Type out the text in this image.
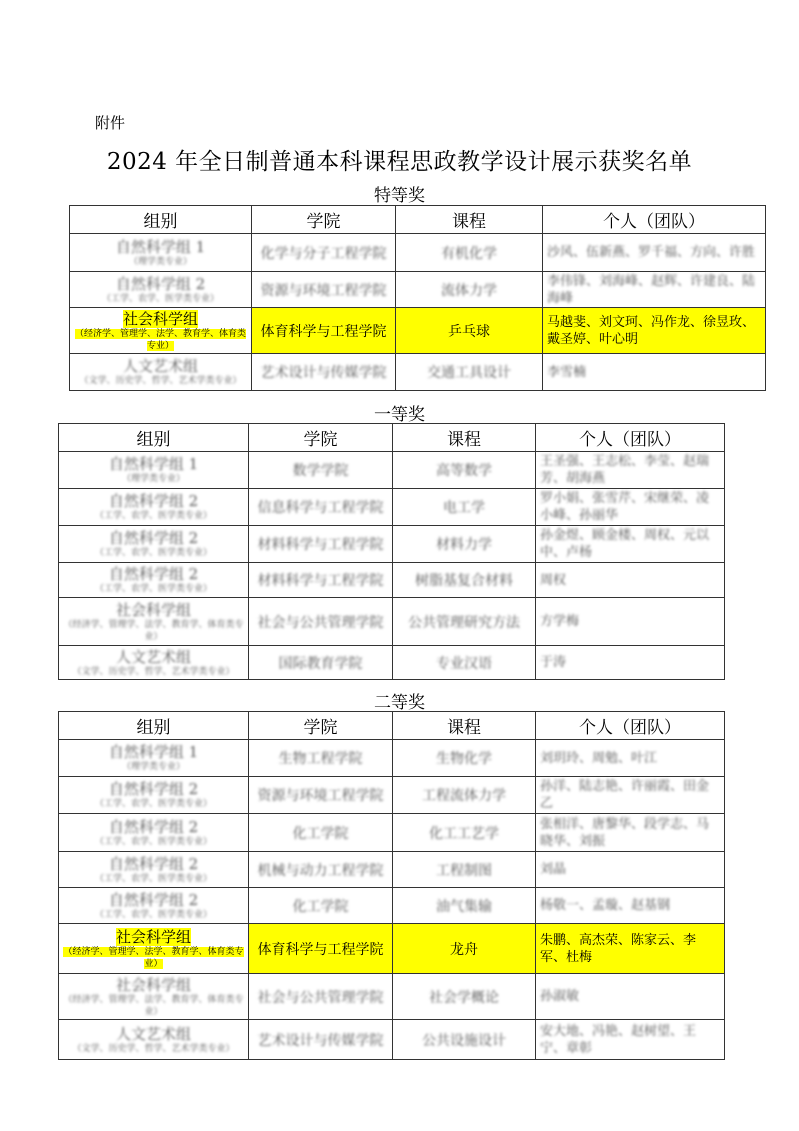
附件
2024 年全日制普通本科课程思政教学设计展示获奖名单
特等奖
组别	学院	课程	个人（团队）

自然科学组 1
（理学类专业）	化学与分子工程学院	有机化学	沙风、伍新燕、罗千福、方向、许胜

自然科学组 2
（工学、农学、医学类专业）	资源与环境工程学院	流体力学	李伟锋、刘海峰、赵辉、许建良、陆海峰

社会科学组
（经济学、管理学、法学、教育学、体育类专业）	体育科学与工程学院	乒乓球	马越斐、刘文珂、冯作龙、徐昱玫、戴圣婷、叶心明

人文艺术组
（文学、历史学、哲学、艺术学类专业）	艺术设计与传媒学院	交通工具设计	李雪楠
一等奖
组别	学院	课程	个人（团队）

自然科学组 1
（理学类专业）	数学学院	高等数学	王圣强、王志松、李莹、赵瑞芳、胡海燕

自然科学组 2
（工学、农学、医学类专业）	信息科学与工程学院	电工学	罗小娟、张雪芹、宋继荣、凌小峰、孙丽华

自然科学组 2
（工学、农学、医学类专业）	材料科学与工程学院	材料力学	孙金煜、顾金楼、周权、元以中、卢杨

自然科学组 2
（工学、农学、医学类专业）	材料科学与工程学院	树脂基复合材料	周权

社会科学组
（经济学、管理学、法学、教育学、体育类专业）	社会与公共管理学院	公共管理研究方法	方学梅

人文艺术组
（文学、历史学、哲学、艺术学类专业）	国际教育学院	专业汉语	于涛
二等奖
组别	学院	课程	个人（团队）

自然科学组 1
（理学类专业）	生物工程学院	生物化学	刘玥玲、周勉、叶江

自然科学组 2
（工学、农学、医学类专业）	资源与环境工程学院	工程流体力学	孙洋、陆志艳、许丽霞、田金乙

自然科学组 2
（工学、农学、医学类专业）	化工学院	化工工艺学	张相洋、唐黎华、段学志、马晓华、刘振

自然科学组 2
（工学、农学、医学类专业）	机械与动力工程学院	工程制图	刘晶

自然科学组 2
（工学、农学、医学类专业）	化工学院	油气集输	杨敬一、孟璇、赵基钢

社会科学组
（经济学、管理学、法学、教育学、体育类专业）	体育科学与工程学院	龙舟	朱鹏、高杰荣、陈家云、李军、杜梅

社会科学组
（经济学、管理学、法学、教育学、体育类专业）	社会与公共管理学院	社会学概论	孙淑敏

人文艺术组
（文学、历史学、哲学、艺术学类专业）	艺术设计与传媒学院	公共设施设计	安大地、冯艳、赵树望、王宁、章彰
